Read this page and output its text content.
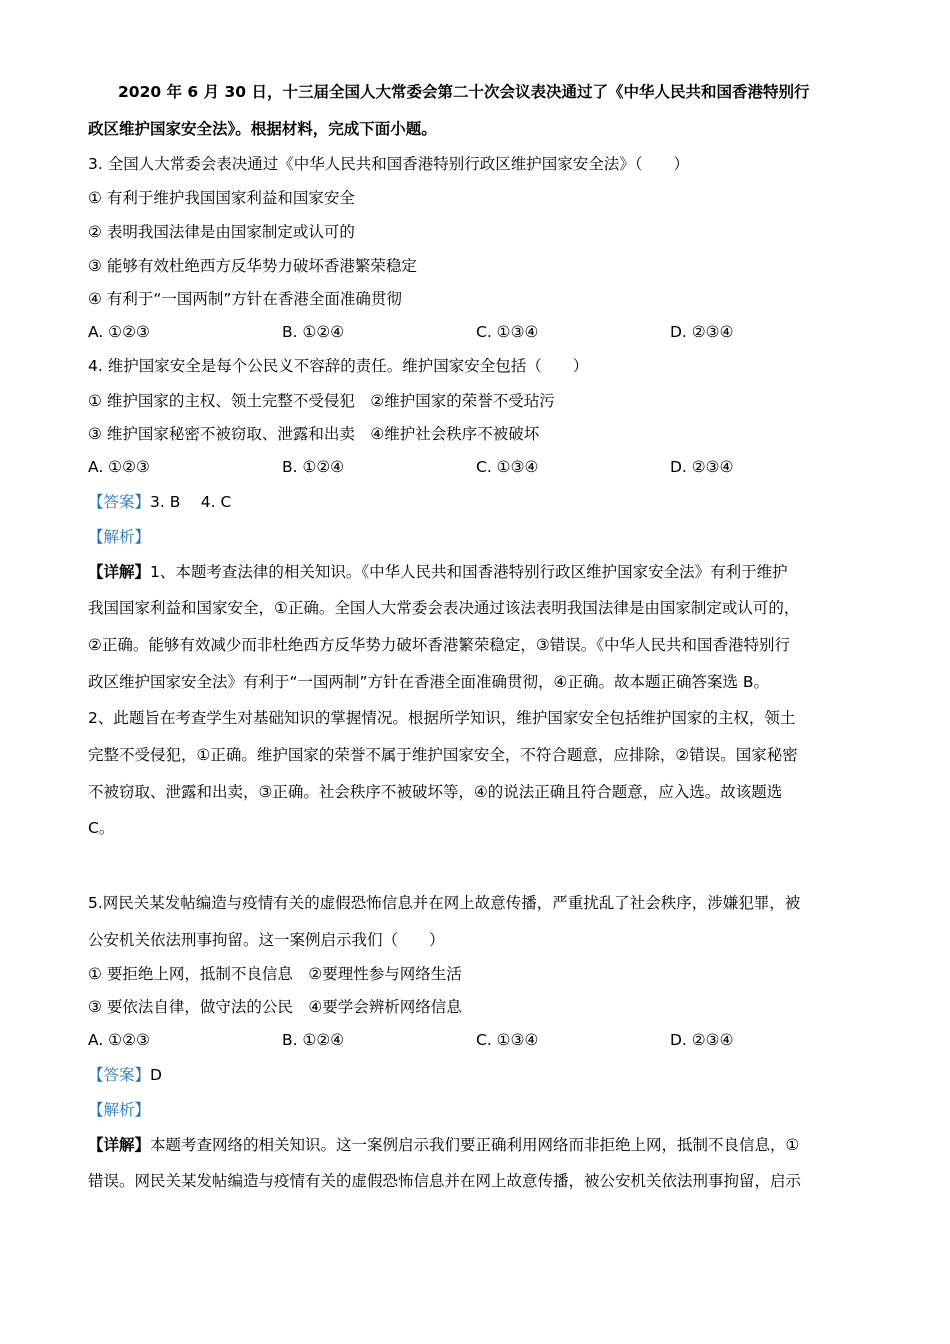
2020 年 6 月 30 日，十三届全国人大常委会第二十次会议表决通过了《中华人民共和国香港特别行
政区维护国家安全法》。根据材料，完成下面小题。
3. 全国人大常委会表决通过《中华人民共和国香港特别行政区维护国家安全法》（　　）
① 有利于维护我国国家利益和国家安全
② 表明我国法律是由国家制定或认可的
③ 能够有效杜绝西方反华势力破坏香港繁荣稳定
④ 有利于“一国两制”方针在香港全面准确贯彻
A. ①②③	B. ①②④	C. ①③④	D. ②③④
4. 维护国家安全是每个公民义不容辞的责任。维护国家安全包括（　　）
① 维护国家的主权、领土完整不受侵犯　②维护国家的荣誉不受玷污
③ 维护国家秘密不被窃取、泄露和出卖　④维护社会秩序不被破坏
A. ①②③	B. ①②④	C. ①③④	D. ②③④
【答案】3. B　 4. C
【解析】
【详解】1、本题考查法律的相关知识。《中华人民共和国香港特别行政区维护国家安全法》有利于维护
我国国家利益和国家安全，①正确。全国人大常委会表决通过该法表明我国法律是由国家制定或认可的，
②正确。能够有效减少而非杜绝西方反华势力破坏香港繁荣稳定，③错误。《中华人民共和国香港特别行
政区维护国家安全法》有利于“一国两制”方针在香港全面准确贯彻，④正确。故本题正确答案选 B。
2、此题旨在考查学生对基础知识的掌握情况。根据所学知识，维护国家安全包括维护国家的主权，领土
完整不受侵犯，①正确。维护国家的荣誉不属于维护国家安全，不符合题意，应排除，②错误。国家秘密
不被窃取、泄露和出卖，③正确。社会秩序不被破坏等，④的说法正确且符合题意，应入选。故该题选
C。
5.网民关某发帖编造与疫情有关的虚假恐怖信息并在网上故意传播，严重扰乱了社会秩序，涉嫌犯罪，被
公安机关依法刑事拘留。这一案例启示我们（　　）
① 要拒绝上网，抵制不良信息　②要理性参与网络生活
③ 要依法自律，做守法的公民　④要学会辨析网络信息
A. ①②③	B. ①②④	C. ①③④	D. ②③④
【答案】D
【解析】
【详解】本题考查网络的相关知识。这一案例启示我们要正确利用网络而非拒绝上网，抵制不良信息，①
错误。网民关某发帖编造与疫情有关的虚假恐怖信息并在网上故意传播，被公安机关依法刑事拘留，启示
